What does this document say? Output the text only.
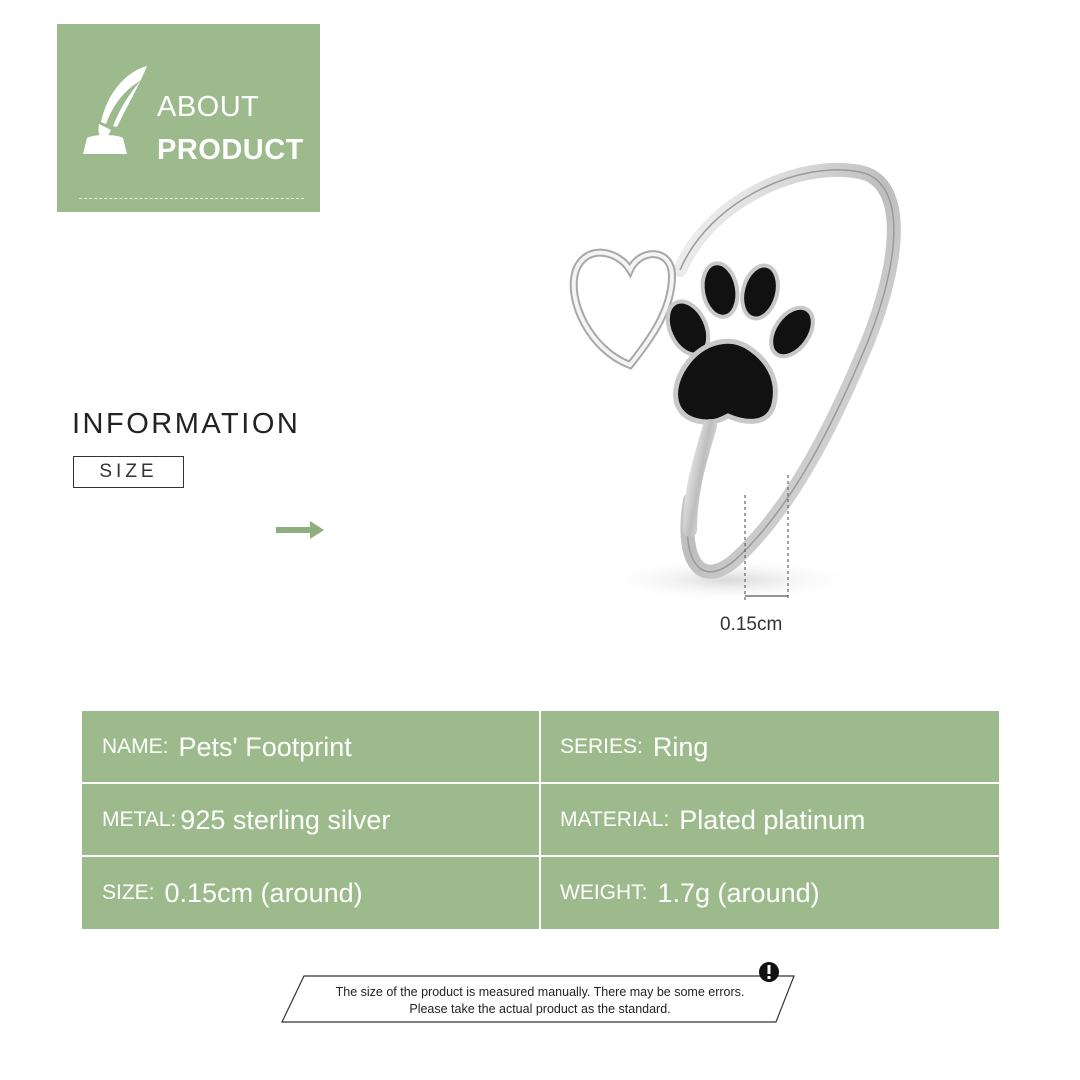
ABOUT
PRODUCT
INFORMATION
SIZE
0.15cm
NAME: Pets' Footprint	SERIES: Ring
METAL: 925 sterling silver	MATERIAL: Plated platinum
SIZE: 0.15cm (around)	WEIGHT: 1.7g (around)
The size of the product is measured manually. There may be some errors.
Please take the actual product as the standard.
